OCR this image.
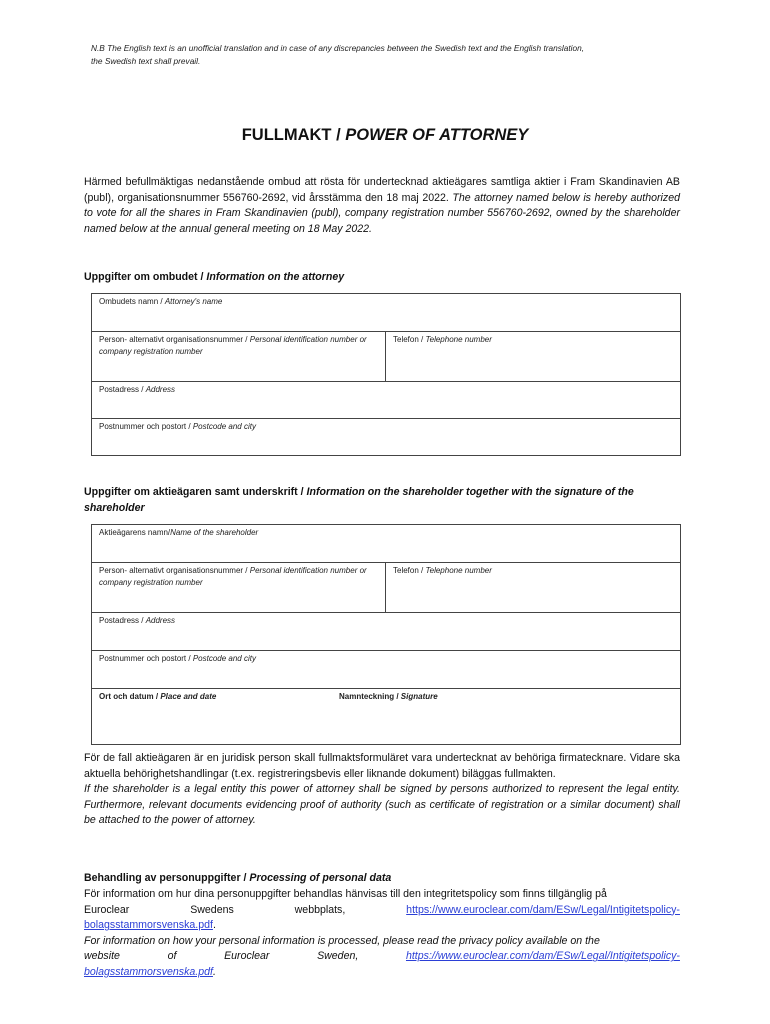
N.B The English text is an unofficial translation and in case of any discrepancies between the Swedish text and the English translation,
the Swedish text shall prevail.
FULLMAKT / POWER OF ATTORNEY
Härmed befullmäktigas nedanstående ombud att rösta för undertecknad aktieägares samtliga aktier i Fram Skandinavien AB (publ), organisationsnummer 556760-2692, vid årsstämma den 18 maj 2022. The attorney named below is hereby authorized to vote for all the shares in Fram Skandinavien (publ), company registration number 556760-2692, owned by the shareholder named below at the annual general meeting on 18 May 2022.
Uppgifter om ombudet / Information on the attorney
Ombudets namn / Attorney's name
Person- alternativt organisationsnummer / Personal identification number or company registration number	Telefon / Telephone number
Postadress / Address
Postnummer och postort / Postcode and city
Uppgifter om aktieägaren samt underskrift / Information on the shareholder together with the signature of the shareholder
Aktieägarens namn/Name of the shareholder
Person- alternativt organisationsnummer / Personal identification number or company registration number	Telefon / Telephone number
Postadress / Address
Postnummer och postort / Postcode and city
Ort och datum / Place and date	Namnteckning / Signature
För de fall aktieägaren är en juridisk person skall fullmaktsformuläret vara undertecknat av behöriga firmatecknare. Vidare ska aktuella behörighetshandlingar (t.ex. registreringsbevis eller liknande dokument) biläggas fullmakten.
If the shareholder is a legal entity this power of attorney shall be signed by persons authorized to represent the legal entity. Furthermore, relevant documents evidencing proof of authority (such as certificate of registration or a similar document) shall be attached to the power of attorney.
Behandling av personuppgifter / Processing of personal data
För information om hur dina personuppgifter behandlas hänvisas till den integritetspolicy som finns tillgänglig på
Euroclear	Swedens	webbplats,	https://www.euroclear.com/dam/ESw/Legal/Intigitetspolicy-
bolagsstammorsvenska.pdf.
For information on how your personal information is processed, please read the privacy policy available on the
website	of	Euroclear	Sweden,	https://www.euroclear.com/dam/ESw/Legal/Intigitetspolicy-
bolagsstammorsvenska.pdf.
